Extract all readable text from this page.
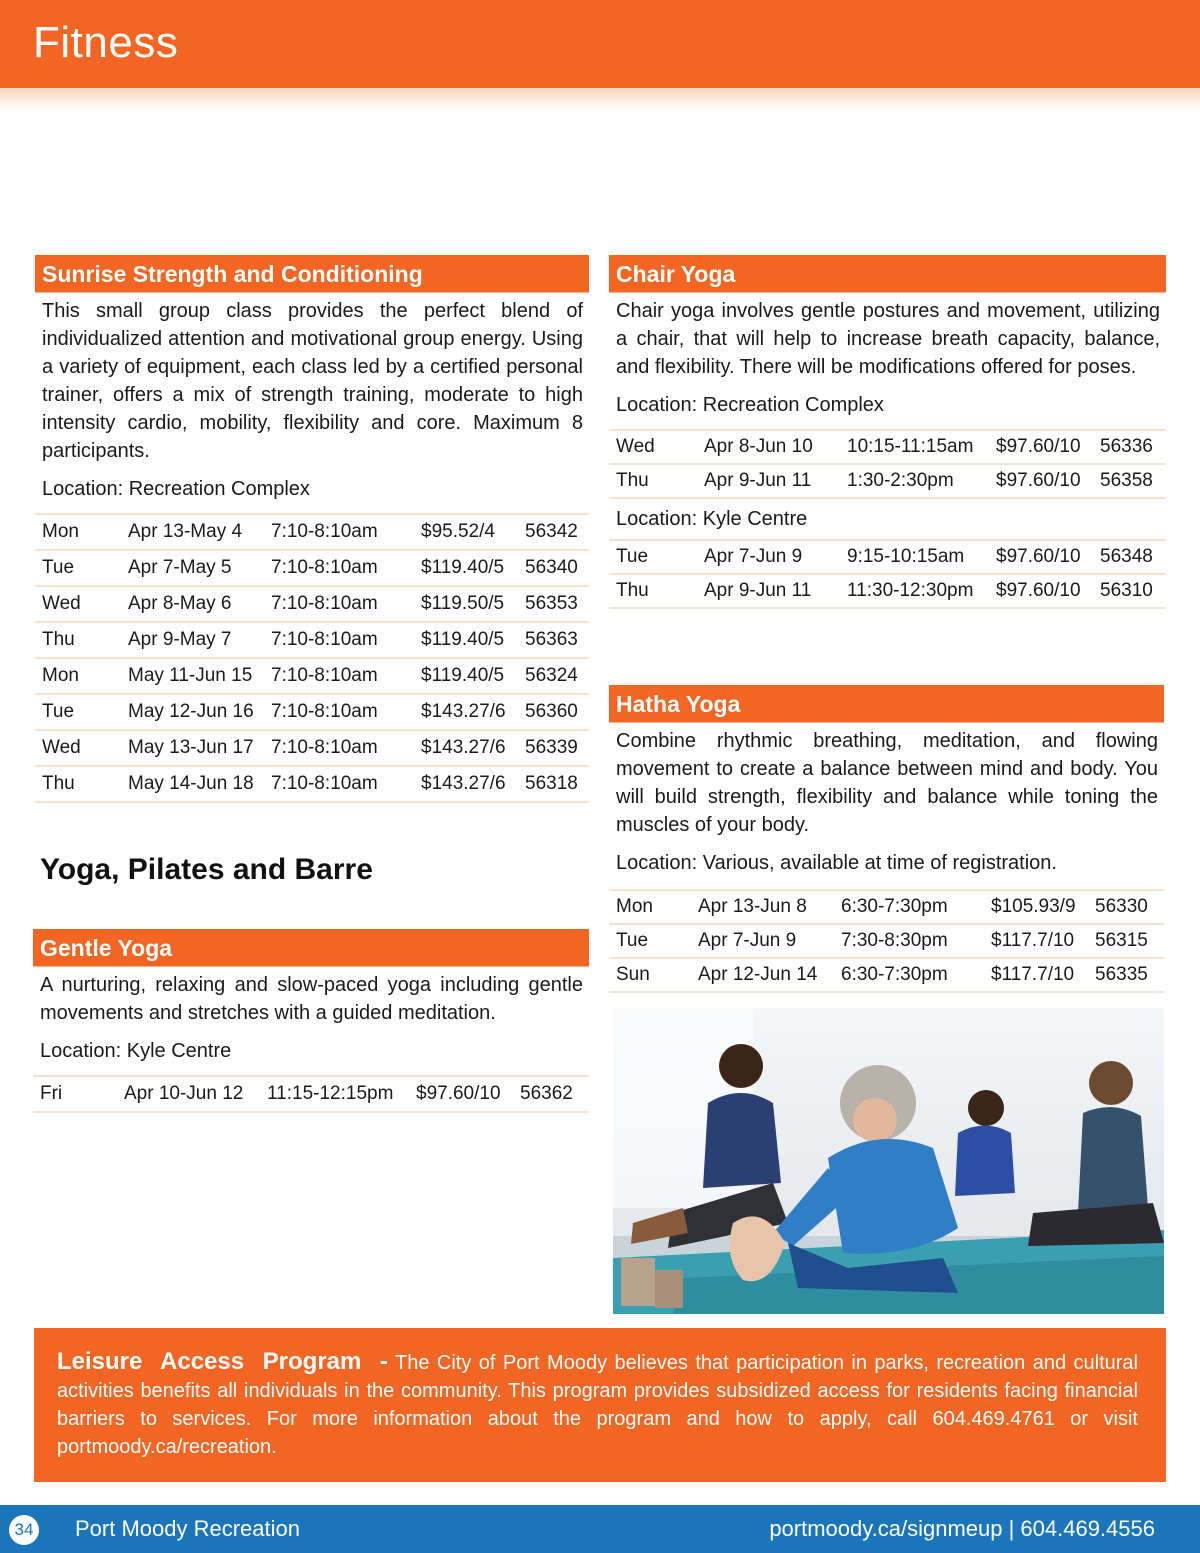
Fitness
Sunrise Strength and Conditioning
This small group class provides the perfect blend of individualized attention and motivational group energy. Using a variety of equipment, each class led by a certified personal trainer, offers a mix of strength training, moderate to high intensity cardio, mobility, flexibility and core. Maximum 8 participants.
Location: Recreation Complex
Mon	Apr 13-May 4	7:10-8:10am	$95.52/4	56342
Tue	Apr 7-May 5	7:10-8:10am	$119.40/5	56340
Wed	Apr 8-May 6	7:10-8:10am	$119.50/5	56353
Thu	Apr 9-May 7	7:10-8:10am	$119.40/5	56363
Mon	May 11-Jun 15	7:10-8:10am	$119.40/5	56324
Tue	May 12-Jun 16	7:10-8:10am	$143.27/6	56360
Wed	May 13-Jun 17	7:10-8:10am	$143.27/6	56339
Thu	May 14-Jun 18	7:10-8:10am	$143.27/6	56318
Yoga, Pilates and Barre
Gentle Yoga
A nurturing, relaxing and slow-paced yoga including gentle movements and stretches with a guided meditation.
Location: Kyle Centre
Fri	Apr 10-Jun 12	11:15-12:15pm	$97.60/10	56362
Chair Yoga
Chair yoga involves gentle postures and movement, utilizing a chair, that will help to increase breath capacity, balance, and flexibility. There will be modifications offered for poses.
Location: Recreation Complex
Wed	Apr 8-Jun 10	10:15-11:15am	$97.60/10	56336
Thu	Apr 9-Jun 11	1:30-2:30pm	$97.60/10	56358
Location: Kyle Centre
Tue	Apr 7-Jun 9	9:15-10:15am	$97.60/10	56348
Thu	Apr 9-Jun 11	11:30-12:30pm	$97.60/10	56310
Hatha Yoga
Combine rhythmic breathing, meditation, and flowing movement to create a balance between mind and body. You will build strength, flexibility and balance while toning the muscles of your body.
Location: Various, available at time of registration.
Mon	Apr 13-Jun 8	6:30-7:30pm	$105.93/9	56330
Tue	Apr 7-Jun 9	7:30-8:30pm	$117.7/10	56315
Sun	Apr 12-Jun 14	6:30-7:30pm	$117.7/10	56335

Leisure Access Program - The City of Port Moody believes that participation in parks, recreation and cultural activities benefits all individuals in the community. This program provides subsidized access for residents facing financial barriers to services. For more information about the program and how to apply, call 604.469.4761 or visit portmoody.ca/recreation.

34 Port Moody Recreation	portmoody.ca/signmeup | 604.469.4556
